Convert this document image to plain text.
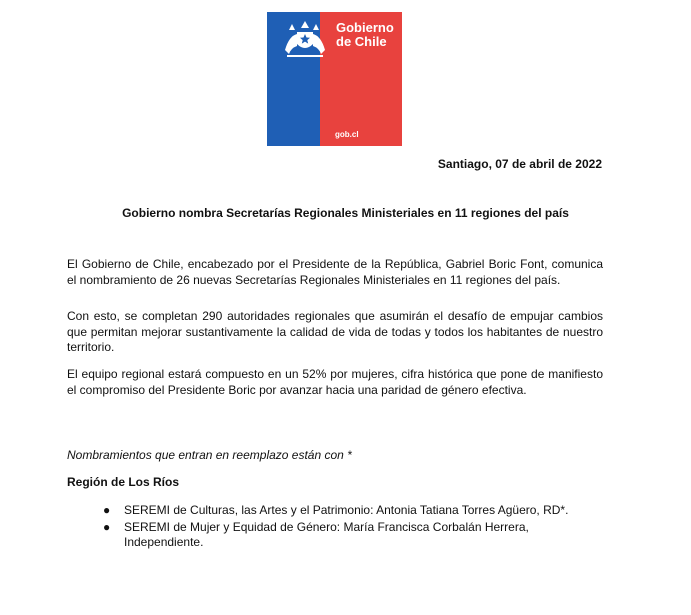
Gobierno
de Chile
gob.cl
Santiago, 07 de abril de 2022
Gobierno nombra Secretarías Regionales Ministeriales en 11 regiones del país

El Gobierno de Chile, encabezado por el Presidente de la República, Gabriel Boric Font, comunica el nombramiento de 26 nuevas Secretarías Regionales Ministeriales en 11 regiones del país.

Con esto, se completan 290 autoridades regionales que asumirán el desafío de empujar cambios que permitan mejorar sustantivamente la calidad de vida de todas y todos los habitantes de nuestro territorio.

El equipo regional estará compuesto en un 52% por mujeres, cifra histórica que pone de manifiesto el compromiso del Presidente Boric por avanzar hacia una paridad de género efectiva.

Nombramientos que entran en reemplazo están con *
Región de Los Ríos
● SEREMI de Culturas, las Artes y el Patrimonio: Antonia Tatiana Torres Agüero, RD*.
● SEREMI de Mujer y Equidad de Género: María Francisca Corbalán Herrera, Independiente.
